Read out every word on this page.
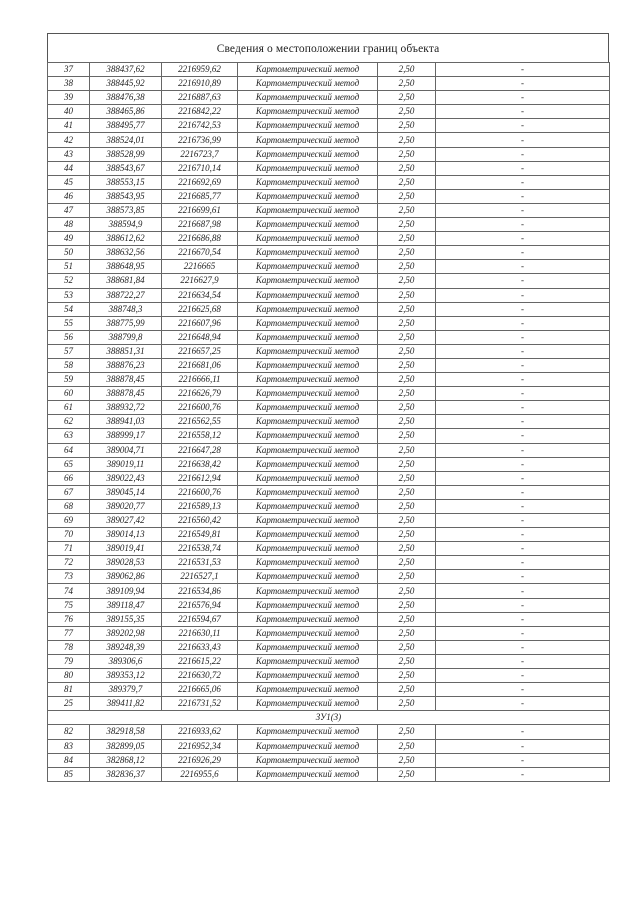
Сведения о местоположении границ объекта
37	388437,62	2216959,62	Картометрический метод	2,50	-
38	388445,92	2216910,89	Картометрический метод	2,50	-
39	388476,38	2216887,63	Картометрический метод	2,50	-
40	388465,86	2216842,22	Картометрический метод	2,50	-
41	388495,77	2216742,53	Картометрический метод	2,50	-
42	388524,01	2216736,99	Картометрический метод	2,50	-
43	388528,99	2216723,7	Картометрический метод	2,50	-
44	388543,67	2216710,14	Картометрический метод	2,50	-
45	388553,15	2216692,69	Картометрический метод	2,50	-
46	388543,95	2216685,77	Картометрический метод	2,50	-
47	388573,85	2216699,61	Картометрический метод	2,50	-
48	388594,9	2216687,98	Картометрический метод	2,50	-
49	388612,62	2216686,88	Картометрический метод	2,50	-
50	388632,56	2216670,54	Картометрический метод	2,50	-
51	388648,95	2216665	Картометрический метод	2,50	-
52	388681,84	2216627,9	Картометрический метод	2,50	-
53	388722,27	2216634,54	Картометрический метод	2,50	-
54	388748,3	2216625,68	Картометрический метод	2,50	-
55	388775,99	2216607,96	Картометрический метод	2,50	-
56	388799,8	2216648,94	Картометрический метод	2,50	-
57	388851,31	2216657,25	Картометрический метод	2,50	-
58	388876,23	2216681,06	Картометрический метод	2,50	-
59	388878,45	2216666,11	Картометрический метод	2,50	-
60	388878,45	2216626,79	Картометрический метод	2,50	-
61	388932,72	2216600,76	Картометрический метод	2,50	-
62	388941,03	2216562,55	Картометрический метод	2,50	-
63	388999,17	2216558,12	Картометрический метод	2,50	-
64	389004,71	2216647,28	Картометрический метод	2,50	-
65	389019,11	2216638,42	Картометрический метод	2,50	-
66	389022,43	2216612,94	Картометрический метод	2,50	-
67	389045,14	2216600,76	Картометрический метод	2,50	-
68	389020,77	2216589,13	Картометрический метод	2,50	-
69	389027,42	2216560,42	Картометрический метод	2,50	-
70	389014,13	2216549,81	Картометрический метод	2,50	-
71	389019,41	2216538,74	Картометрический метод	2,50	-
72	389028,53	2216531,53	Картометрический метод	2,50	-
73	389062,86	2216527,1	Картометрический метод	2,50	-
74	389109,94	2216534,86	Картометрический метод	2,50	-
75	389118,47	2216576,94	Картометрический метод	2,50	-
76	389155,35	2216594,67	Картометрический метод	2,50	-
77	389202,98	2216630,11	Картометрический метод	2,50	-
78	389248,39	2216633,43	Картометрический метод	2,50	-
79	389306,6	2216615,22	Картометрический метод	2,50	-
80	389353,12	2216630,72	Картометрический метод	2,50	-
81	389379,7	2216665,06	Картометрический метод	2,50	-
25	389411,82	2216731,52	Картометрический метод	2,50	-
ЗУ1(3)					
82	382918,58	2216933,62	Картометрический метод	2,50	-
83	382899,05	2216952,34	Картометрический метод	2,50	-
84	382868,12	2216926,29	Картометрический метод	2,50	-
85	382836,37	2216955,6	Картометрический метод	2,50	-
